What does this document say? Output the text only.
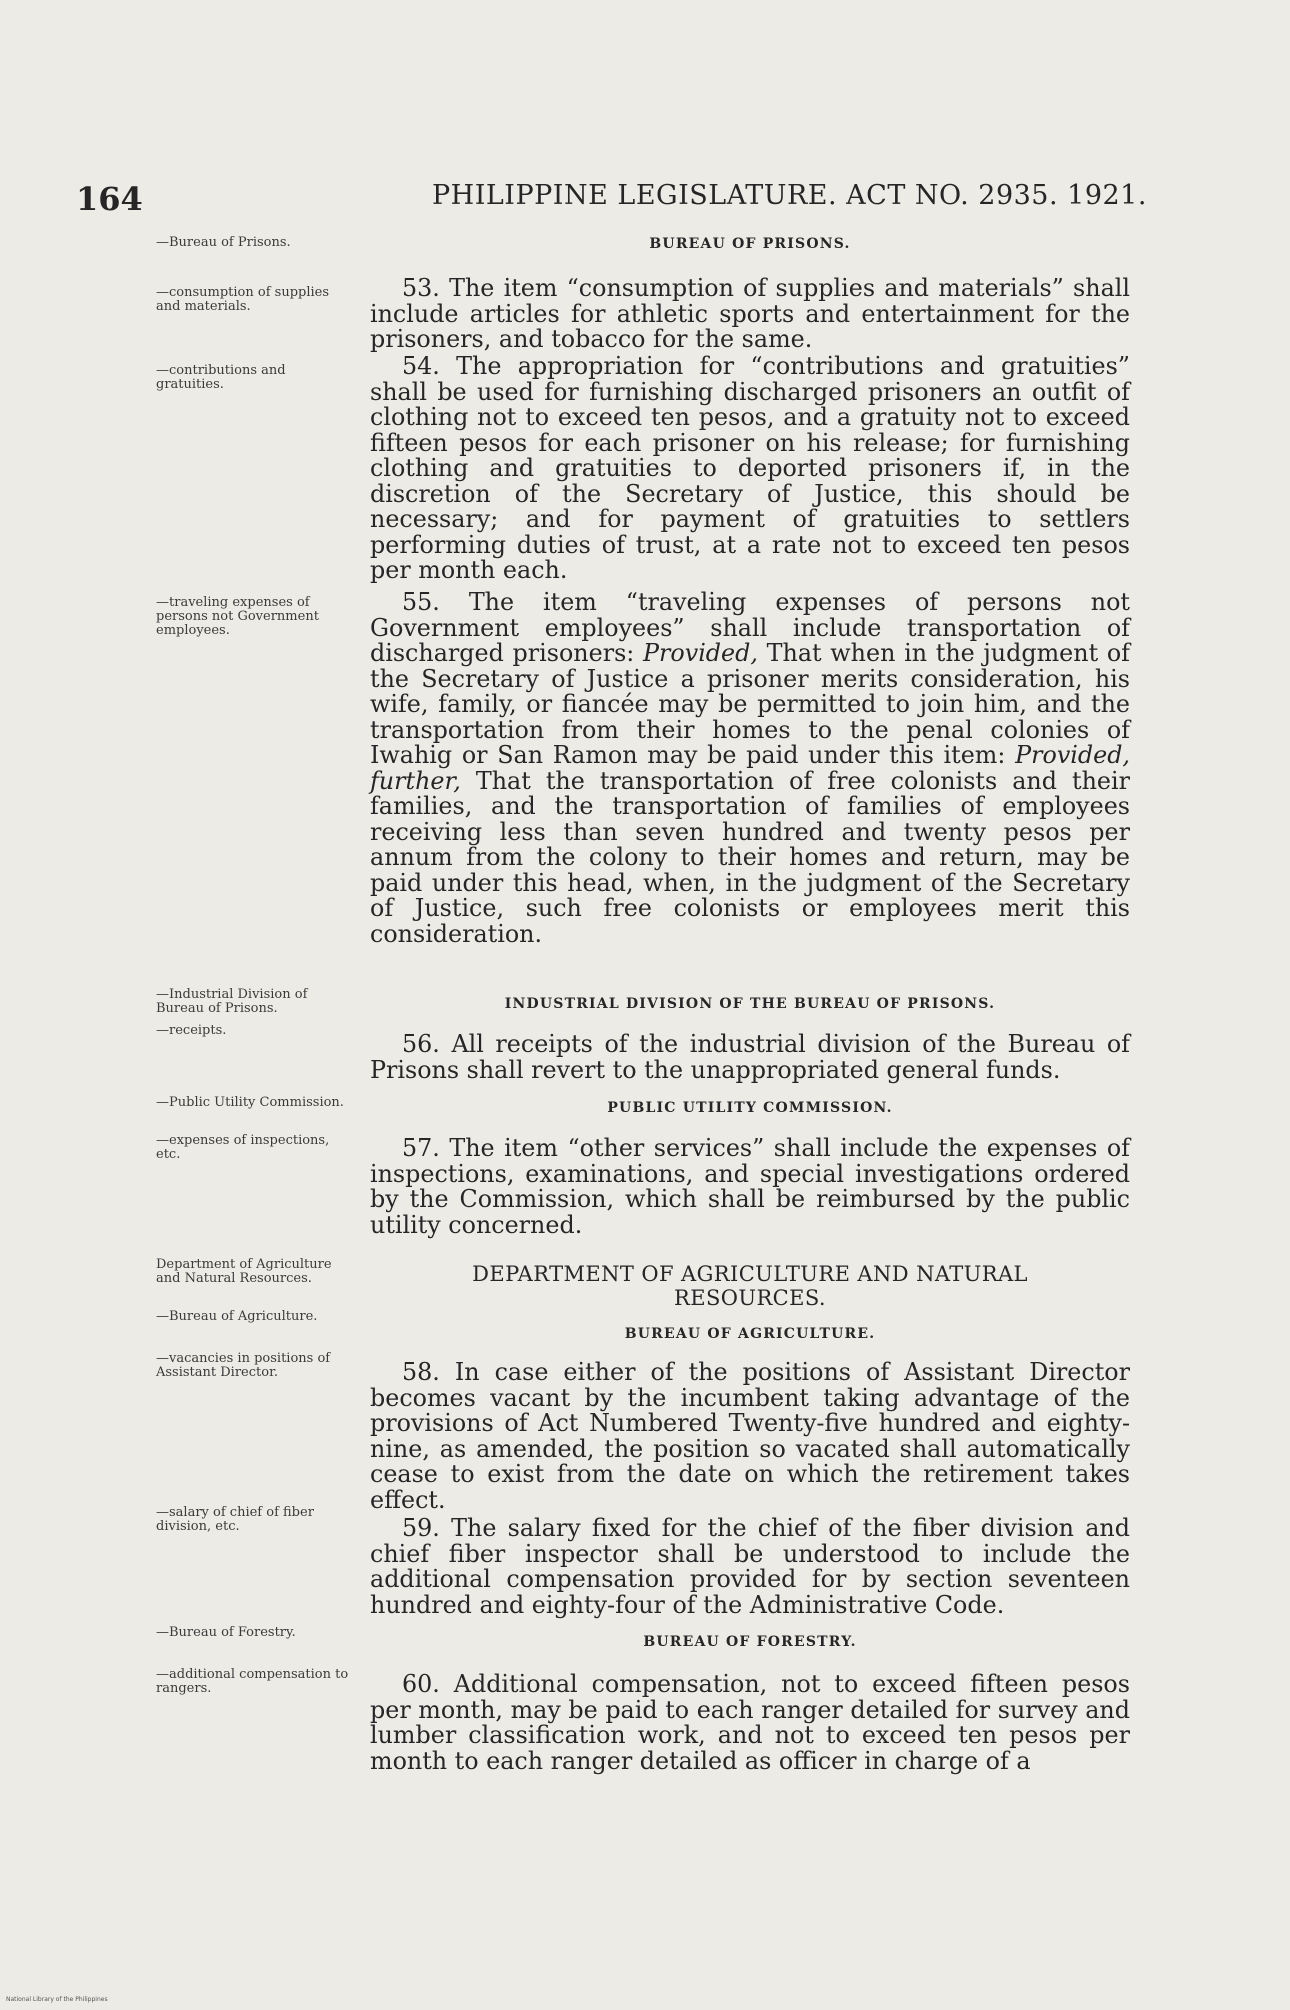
164	PHILIPPINE LEGISLATURE. ACT NO. 2935. 1921.
—Bureau of Prisons.	BUREAU OF PRISONS.
—consumption of supplies and materials.
53. The item “consumption of supplies and materials” shall include articles for athletic sports and entertainment for the prisoners, and tobacco for the same.
—contributions and gratuities.
54. The appropriation for “contributions and gratuities” shall be used for furnishing discharged prisoners an outfit of clothing not to exceed ten pesos, and a gratuity not to exceed fifteen pesos for each prisoner on his release; for furnishing clothing and gratuities to deported prisoners if, in the discretion of the Secretary of Justice, this should be necessary; and for payment of gratuities to settlers performing duties of trust, at a rate not to exceed ten pesos per month each.
—traveling expenses of persons not Government employees.
55. The item “traveling expenses of persons not Government employees” shall include transportation of discharged prisoners: Provided, That when in the judgment of the Secretary of Justice a prisoner merits consideration, his wife, family, or fiancée may be permitted to join him, and the transportation from their homes to the penal colonies of Iwahig or San Ramon may be paid under this item: Provided, further, That the transportation of free colonists and their families, and the transportation of families of employees receiving less than seven hundred and twenty pesos per annum from the colony to their homes and return, may be paid under this head, when, in the judgment of the Secretary of Justice, such free colonists or employees merit this consideration.
—Industrial Division of Bureau of Prisons.	INDUSTRIAL DIVISION OF THE BUREAU OF PRISONS.
—receipts.	56. All receipts of the industrial division of the Bureau of Prisons shall revert to the unappropriated general funds.
—Public Utility Commission.	PUBLIC UTILITY COMMISSION.
—expenses of inspections, etc.	57. The item “other services” shall include the expenses of inspections, examinations, and special investigations ordered by the Commission, which shall be reimbursed by the public utility concerned.
Department of Agriculture and Natural Resources.	DEPARTMENT OF AGRICULTURE AND NATURAL
RESOURCES.
—Bureau of Agriculture.
BUREAU OF AGRICULTURE.
—vacancies in positions of Assistant Director.	58. In case either of the positions of Assistant Director becomes vacant by the incumbent taking advantage of the provisions of Act Numbered Twenty-five hundred and eighty-nine, as amended, the position so vacated shall automatically cease to exist from the date on which the retirement takes effect.
—salary of chief of fiber division, etc.	59. The salary fixed for the chief of the fiber division and chief fiber inspector shall be understood to include the additional compensation provided for by section seventeen hundred and eighty-four of the Administrative Code.
—Bureau of Forestry.
BUREAU OF FORESTRY.
—additional compensation to rangers.	60. Additional compensation, not to exceed fifteen pesos per month, may be paid to each ranger detailed for survey and lumber classification work, and not to exceed ten pesos per month to each ranger detailed as officer in charge of a
National Library of the Philippines
